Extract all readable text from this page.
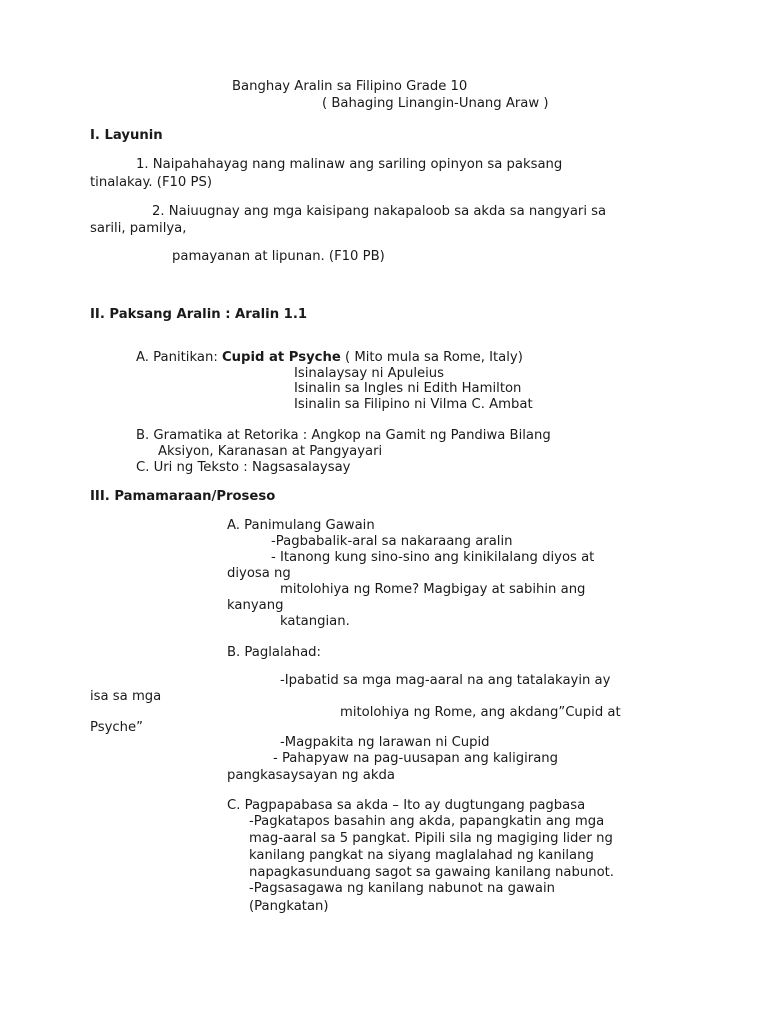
Banghay Aralin sa Filipino Grade 10
( Bahaging Linangin-Unang Araw )
I. Layunin
1. Naipahahayag nang malinaw ang sariling opinyon sa paksang
tinalakay. (F10 PS)
2. Naiuugnay ang mga kaisipang nakapaloob sa akda sa nangyari sa
sarili, pamilya,
pamayanan at lipunan. (F10 PB)
II. Paksang Aralin : Aralin 1.1
A. Panitikan: Cupid at Psyche ( Mito mula sa Rome, Italy)
Isinalaysay ni Apuleius
Isinalin sa Ingles ni Edith Hamilton
Isinalin sa Filipino ni Vilma C. Ambat
B. Gramatika at Retorika : Angkop na Gamit ng Pandiwa Bilang
Aksiyon, Karanasan at Pangyayari
C. Uri ng Teksto : Nagsasalaysay
III. Pamamaraan/Proseso
A. Panimulang Gawain
-Pagbabalik-aral sa nakaraang aralin
- Itanong kung sino-sino ang kinikilalang diyos at
diyosa ng
mitolohiya ng Rome? Magbigay at sabihin ang
kanyang
katangian.
B. Paglalahad:
-Ipabatid sa mga mag-aaral na ang tatalakayin ay
isa sa mga
mitolohiya ng Rome, ang akdang”Cupid at
Psyche”
-Magpakita ng larawan ni Cupid
- Pahapyaw na pag-uusapan ang kaligirang
pangkasaysayan ng akda
C. Pagpapabasa sa akda – Ito ay dugtungang pagbasa
-Pagkatapos basahin ang akda, papangkatin ang mga
mag-aaral sa 5 pangkat. Pipili sila ng magiging lider ng
kanilang pangkat na siyang maglalahad ng kanilang
napagkasunduang sagot sa gawaing kanilang nabunot.
-Pagsasagawa ng kanilang nabunot na gawain
(Pangkatan)
